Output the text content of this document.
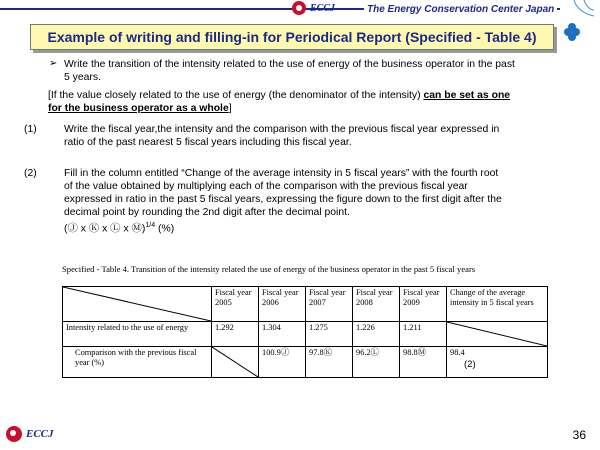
ECCJ	The Energy Conservation Center Japan
Example of writing and filling-in for Periodical Report (Specified - Table 4)
➢ Write the transition of the intensity related to the use of energy of the business operator in the past
5 years.
[If the value closely related to the use of energy (the denominator of the intensity) can be set as one
for the business operator as a whole]
(1)	Write the fiscal year,the intensity and the comparison with the previous fiscal year expressed in
ratio of the past nearest 5 fiscal years including this fiscal year.
(2)	Fill in the column entitled “Change of the average intensity in 5 fiscal years” with the fourth root
of the value obtained by multiplying each of the comparison with the previous fiscal year
expressed in ratio in the past 5 fiscal years, expressing the figure down to the first digit after the
decimal point by rounding the 2nd digit after the decimal point.
(Ⓙ x Ⓚ x Ⓛ x Ⓜ)$^{1/4}$ (%)
Specified - Table 4. Transition of the intensity related the use of energy of the business operator in the past 5 fiscal years
	Fiscal year 2005	Fiscal year 2006	Fiscal year 2007	Fiscal year 2008	Fiscal year 2009	Change of the average intensity in 5 fiscal years
Intensity related to the use of energy	1.292	1.304	1.275	1.226	1.211	

Comparison with the previous fiscal year (%)		100.9Ⓙ	97.8Ⓚ	96.2Ⓛ	98.8Ⓜ	98.4
(2)
ECCJ	36
